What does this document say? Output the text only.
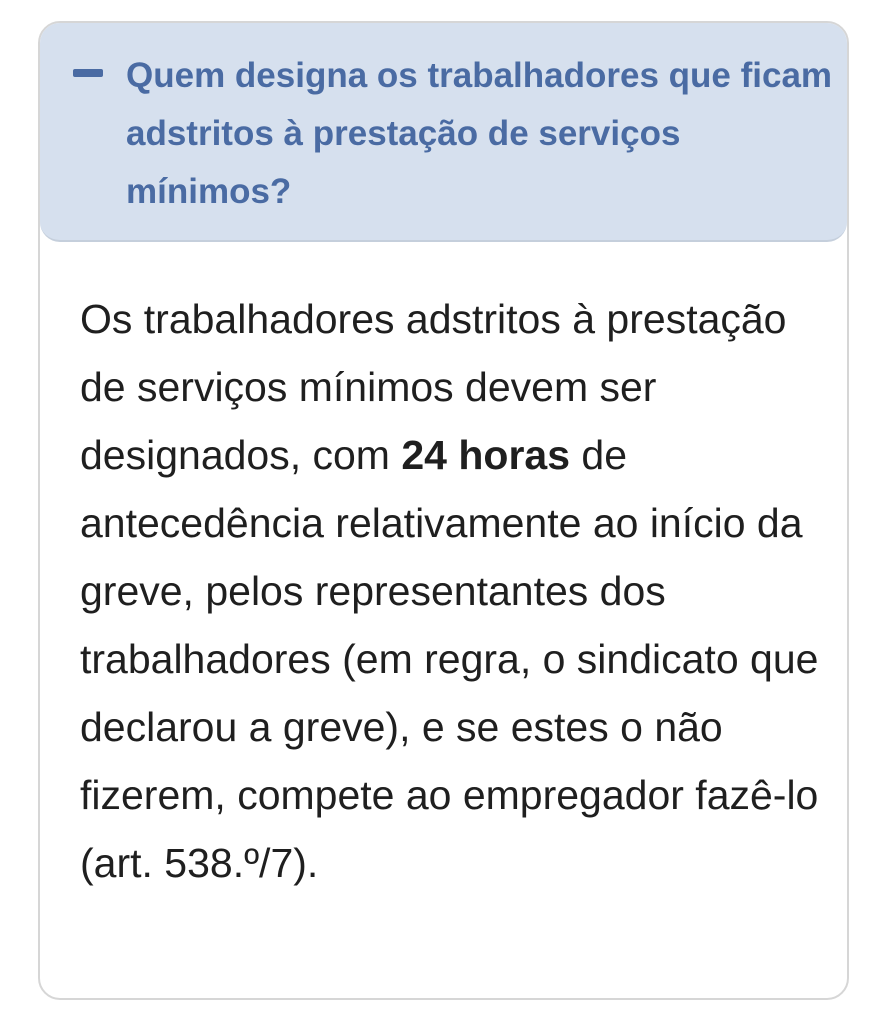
Quem designa os trabalhadores que ficam adstritos à prestação de serviços mínimos?

Os trabalhadores adstritos à prestação de serviços mínimos devem ser designados, com 24 horas de antecedência relativamente ao início da greve, pelos representantes dos trabalhadores (em regra, o sindicato que declarou a greve), e se estes o não fizerem, compete ao empregador fazê-lo (art. 538.º/7).
